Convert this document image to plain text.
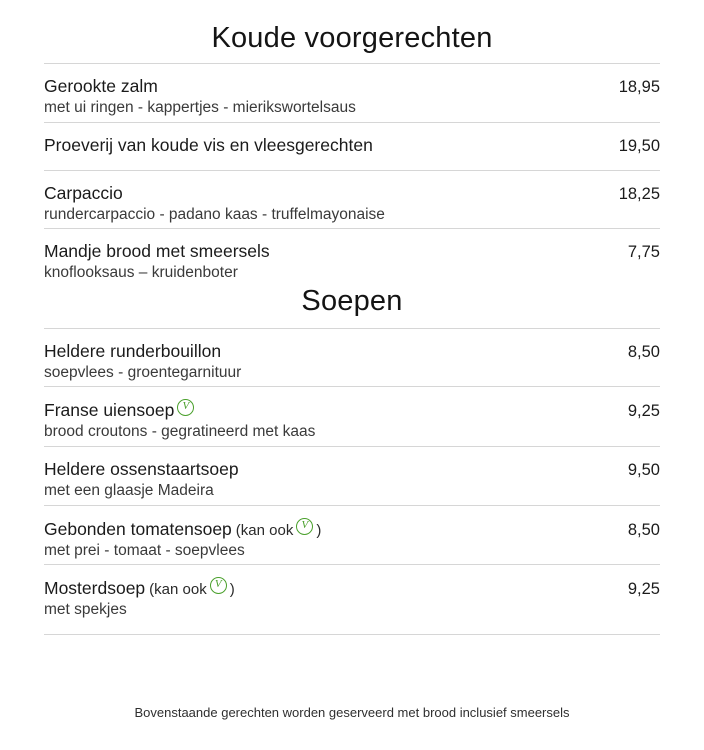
Koude voorgerechten
Gerookte zalm	18,95
met ui ringen - kappertjes - mierikswortelsaus
Proeverij van koude vis en vleesgerechten	19,50
Carpaccio	18,25
rundercarpaccio - padano kaas - truffelmayonaise
Mandje brood met smeersels	7,75
knoflooksaus – kruidenboter
Soepen
Heldere runderbouillon	8,50
soepvlees - groentegarnituur
Franse uiensoep V	9,25
brood croutons - gegratineerd met kaas
Heldere ossenstaartsoep	9,50
met een glaasje Madeira
Gebonden tomatensoep (kan ook V )	8,50
met prei - tomaat - soepvlees
Mosterdsoep (kan ook V )	9,25
met spekjes
Bovenstaande gerechten worden geserveerd met brood inclusief smeersels
